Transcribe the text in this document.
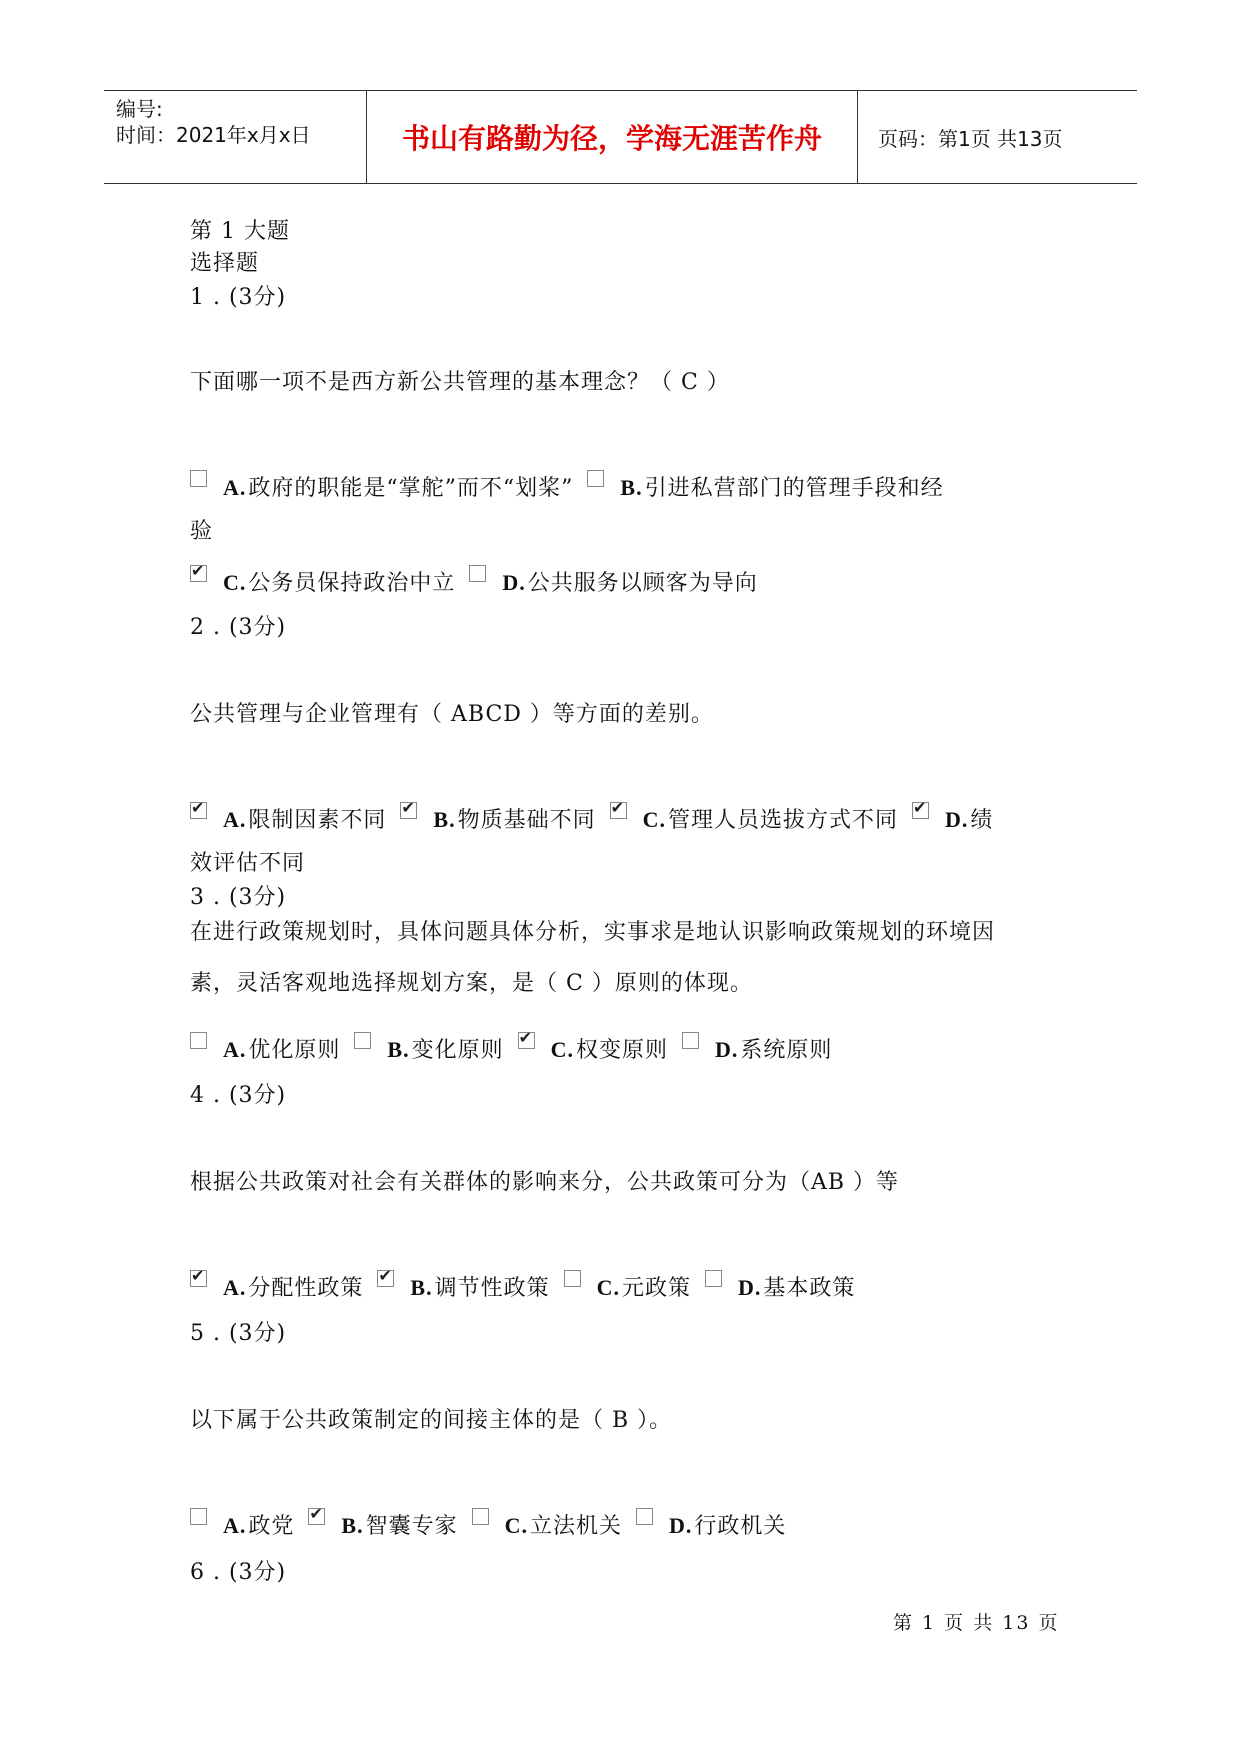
编号:
时间：2021年x月x日	书山有路勤为径，学海无涯苦作舟	页码：第1页 共13页
第 1 大题
选择题
1 . (3分)
下面哪一项不是西方新公共管理的基本理念？（ C ）
A.政府的职能是“掌舵”而不“划桨” B.引进私营部门的管理手段和经
验
✔C.公务员保持政治中立 D.公共服务以顾客为导向
2 . (3分)
公共管理与企业管理有（ ABCD ）等方面的差别。
✔A.限制因素不同 ✔ B.物质基础不同 ✔ C.管理人员选拔方式不同 ✔ D.绩
效评估不同
3 . (3分)
在进行政策规划时，具体问题具体分析，实事求是地认识影响政策规划的环境因
素，灵活客观地选择规划方案，是（ C ）原则的体现。
A.优化原则 B.变化原则 ✔ C.权变原则 D.系统原则
4 . (3分)
根据公共政策对社会有关群体的影响来分，公共政策可分为（AB ）等
✔A.分配性政策 ✔ B.调节性政策 C.元政策 D.基本政策
5 . (3分)
以下属于公共政策制定的间接主体的是（ B ）。
A.政党 ✔ B.智囊专家 C.立法机关 D.行政机关
6 . (3分)
第 1 页 共 13 页
